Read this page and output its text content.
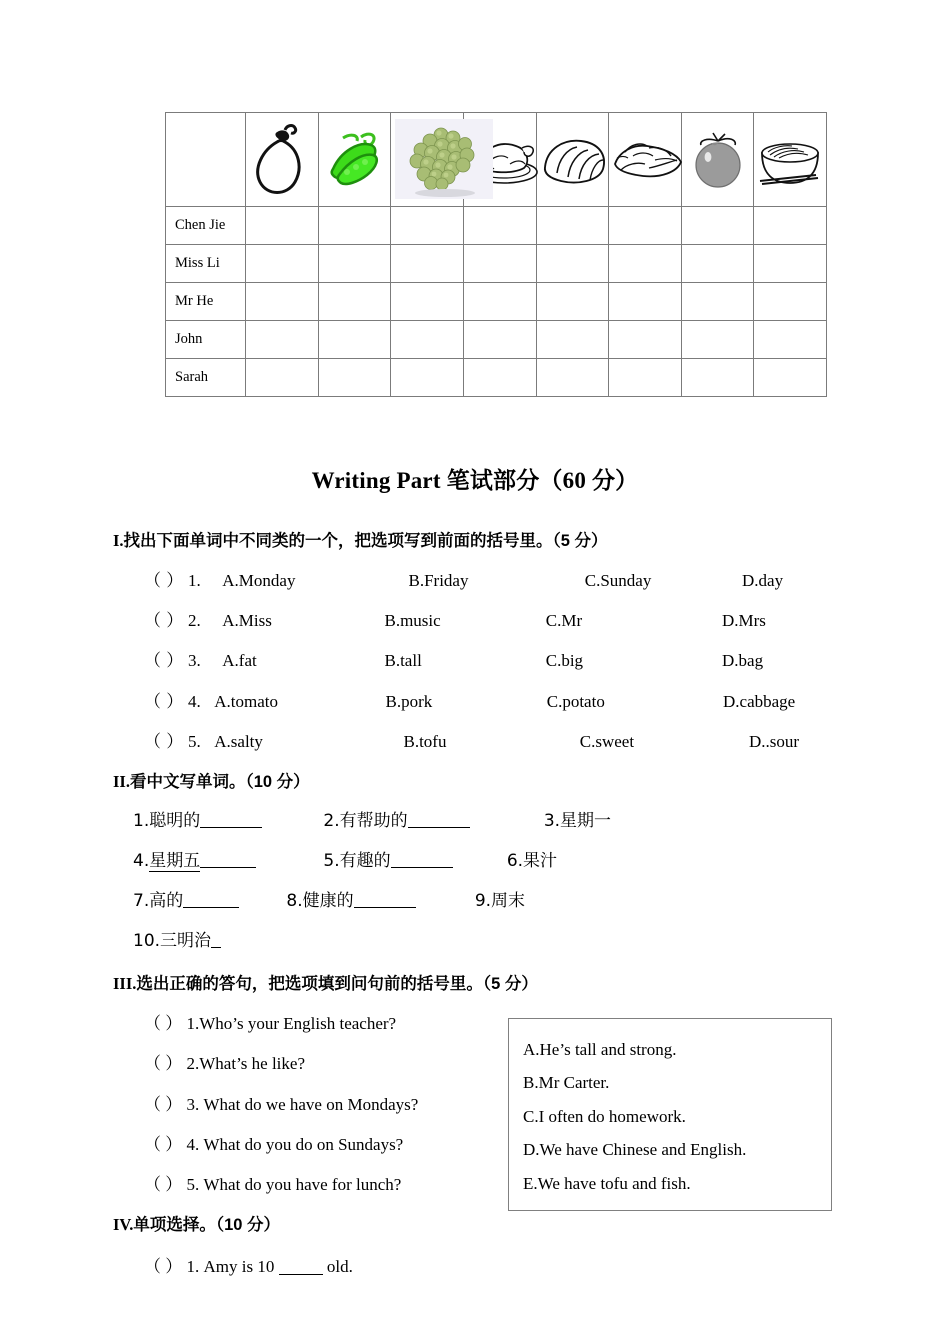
Chen Jie								
Miss Li								
Mr He								
John								
Sarah								
Writing Part 笔试部分（60 分）
I.找出下面单词中不同类的一个，把选项写到前面的括号里。（5 分）
（ ） 1. A.Monday	B.Friday	C.Sunday	D.day
（ ） 2. A.Miss	B.music	C.Mr	D.Mrs
（ ） 3. A.fat	B.tall	C.big	D.bag
（ ） 4. A.tomato	B.pork	C.potato	D.cabbage
（ ） 5. A.salty	B.tofu	C.sweet	D..sour
II.看中文写单词。（10 分）
1.聪明的	2.有帮助的	3.星期一
4.星期五	5.有趣的	6.果汁
7.高的	8.健康的	9.周末
10.三明治
III.选出正确的答句，把选项填到问句前的括号里。（5 分）
（ ） 1.Who’s your English teacher?
（ ） 2.What’s he like?
（ ） 3. What do we have on Mondays?
（ ） 4. What do you do on Sundays?
（ ） 5. What do you have for lunch?
A.He’s tall and strong.
B.Mr Carter.
C.I often do homework.
D.We have Chinese and English.
E.We have tofu and fish.
IV.单项选择。（10 分）
（ ） 1. Amy is 10	old.
